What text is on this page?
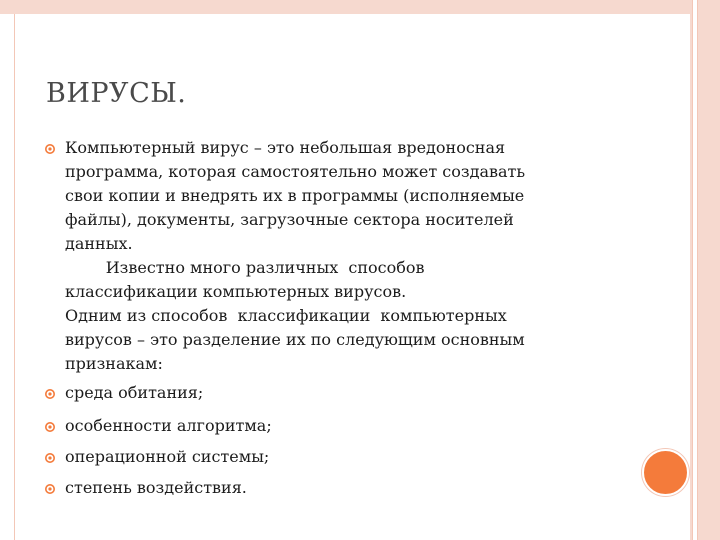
ВИРУСЫ.
Компьютерный вирус – это небольшая вредоносная
программа, которая самостоятельно может создавать
свои копии и внедрять их в программы (исполняемые
файлы), документы, загрузочные сектора носителей
данных.
Известно много различных  способов
классификации компьютерных вирусов.
Одним из способов  классификации  компьютерных
вирусов – это разделение их по следующим основным
признакам:
среда обитания;
особенности алгоритма;
операционной системы;
степень воздействия.
